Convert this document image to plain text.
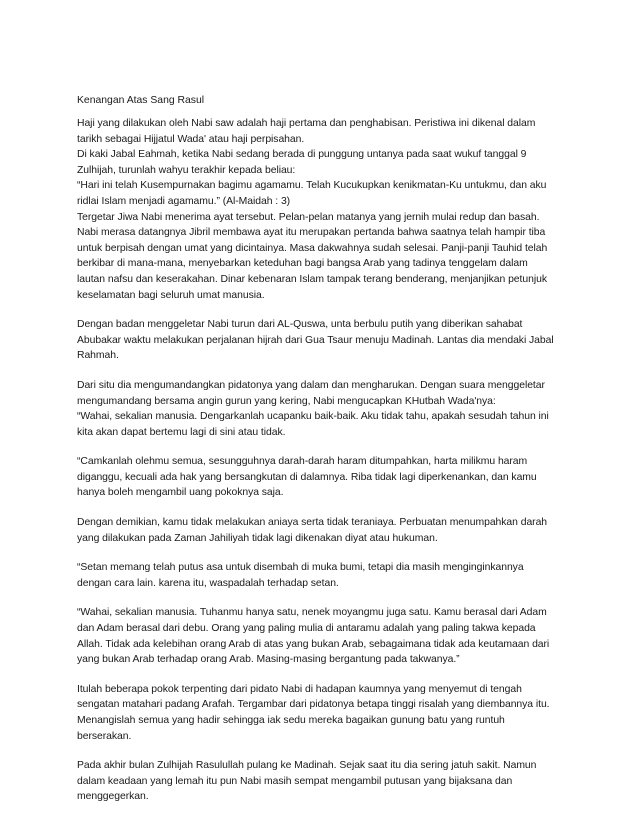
Kenangan Atas Sang Rasul

Haji yang dilakukan oleh Nabi saw adalah haji pertama dan penghabisan. Peristiwa ini dikenal dalam
tarikh sebagai Hijjatul Wada' atau haji perpisahan.
Di kaki Jabal Eahmah, ketika Nabi sedang berada di punggung untanya pada saat wukuf tanggal 9
Zulhijah, turunlah wahyu terakhir kepada beliau:
“Hari ini telah Kusempurnakan bagimu agamamu. Telah Kucukupkan kenikmatan-Ku untukmu, dan aku
ridlai Islam menjadi agamamu.” (Al-Maidah : 3)
Tergetar Jiwa Nabi menerima ayat tersebut. Pelan-pelan matanya yang jernih mulai redup dan basah.
Nabi merasa datangnya Jibril membawa ayat itu merupakan pertanda bahwa saatnya telah hampir tiba
untuk berpisah dengan umat yang dicintainya. Masa dakwahnya sudah selesai. Panji-panji Tauhid telah
berkibar di mana-mana, menyebarkan keteduhan bagi bangsa Arab yang tadinya tenggelam dalam
lautan nafsu dan keserakahan. Dinar kebenaran Islam tampak terang benderang, menjanjikan petunjuk
keselamatan bagi seluruh umat manusia.

Dengan badan menggeletar Nabi turun dari AL-Quswa, unta berbulu putih yang diberikan sahabat
Abubakar waktu melakukan perjalanan hijrah dari Gua Tsaur menuju Madinah. Lantas dia mendaki Jabal
Rahmah.

Dari situ dia mengumandangkan pidatonya yang dalam dan mengharukan. Dengan suara menggeletar
mengumandang bersama angin gurun yang kering, Nabi mengucapkan KHutbah Wada'nya:
“Wahai, sekalian manusia. Dengarkanlah ucapanku baik-baik. Aku tidak tahu, apakah sesudah tahun ini
kita akan dapat bertemu lagi di sini atau tidak.

“Camkanlah olehmu semua, sesungguhnya darah-darah haram ditumpahkan, harta milikmu haram
diganggu, kecuali ada hak yang bersangkutan di dalamnya. Riba tidak lagi diperkenankan, dan kamu
hanya boleh mengambil uang pokoknya saja.

Dengan demikian, kamu tidak melakukan aniaya serta tidak teraniaya. Perbuatan menumpahkan darah
yang dilakukan pada Zaman Jahiliyah tidak lagi dikenakan diyat atau hukuman.

“Setan memang telah putus asa untuk disembah di muka bumi, tetapi dia masih menginginkannya
dengan cara lain. karena itu, waspadalah terhadap setan.

“Wahai, sekalian manusia. Tuhanmu hanya satu, nenek moyangmu juga satu. Kamu berasal dari Adam
dan Adam berasal dari debu. Orang yang paling mulia di antaramu adalah yang paling takwa kepada
Allah. Tidak ada kelebihan orang Arab di atas yang bukan Arab, sebagaimana tidak ada keutamaan dari
yang bukan Arab terhadap orang Arab. Masing-masing bergantung pada takwanya.”

Itulah beberapa pokok terpenting dari pidato Nabi di hadapan kaumnya yang menyemut di tengah
sengatan matahari padang Arafah. Tergambar dari pidatonya betapa tinggi risalah yang diembannya itu.
Menangislah semua yang hadir sehingga iak sedu mereka bagaikan gunung batu yang runtuh
berserakan.

Pada akhir bulan Zulhijah Rasulullah pulang ke Madinah. Sejak saat itu dia sering jatuh sakit. Namun
dalam keadaan yang lemah itu pun Nabi masih sempat mengambil putusan yang bijaksana dan
menggegerkan.
